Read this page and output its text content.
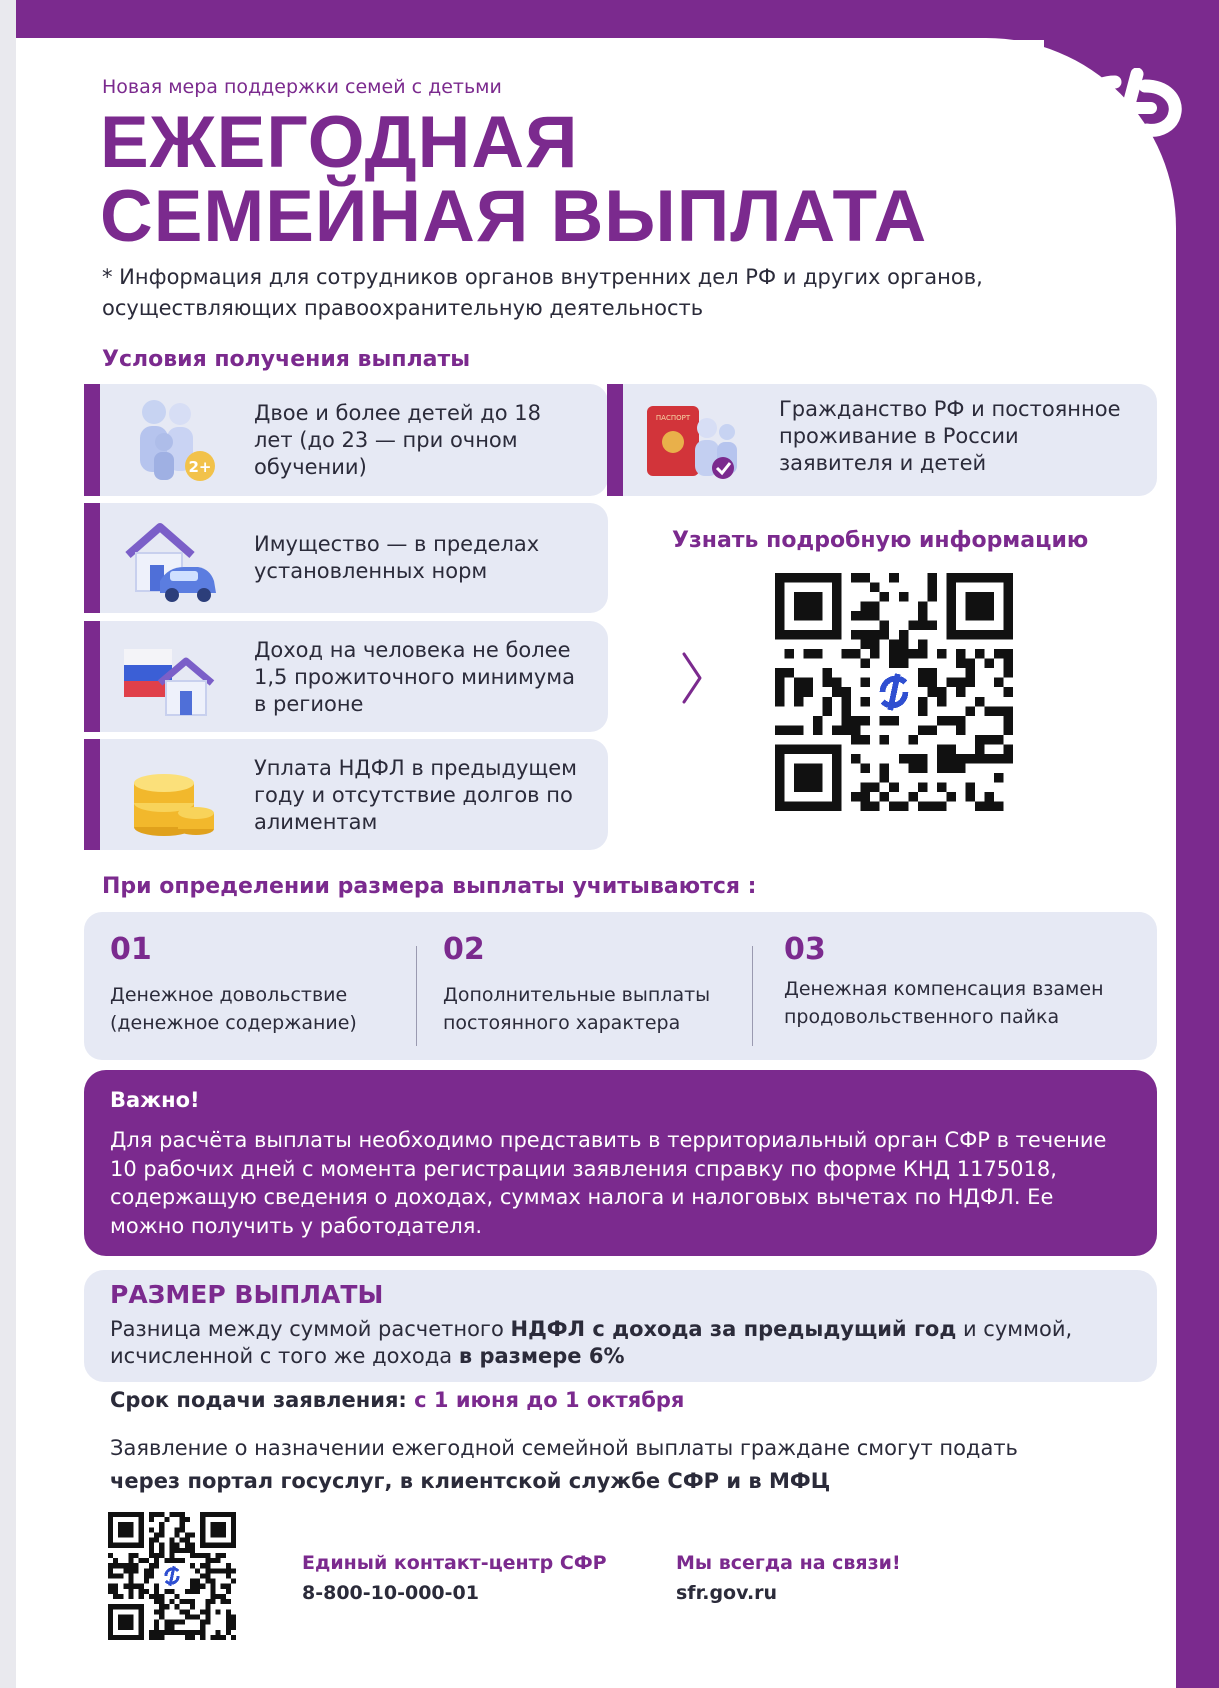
Новая мера поддержки семей с детьми
ЕЖЕГОДНАЯ
СЕМЕЙНАЯ ВЫПЛАТА
* Информация для сотрудников органов внутренних дел РФ и других органов, осуществляющих правоохранительную деятельность
Условия получения выплаты
2+
Двое и более детей до 18 лет (до 23 — при очном обучении)
ПАСПОРТ	Гражданство РФ и постоянное проживание в России заявителя и детей
Имущество — в пределах установленных норм
Доход на человека не более 1,5 прожиточного минимума в регионе
Уплата НДФЛ в предыдущем году и отсутствие долгов по алиментам
Узнать подробную информацию
При определении размера выплаты учитываются :
01
Денежное довольствие (денежное содержание)
02
Дополнительные выплаты постоянного характера
03
Денежная компенсация взамен продовольственного пайка
Важно!
Для расчёта выплаты необходимо представить в территориальный орган СФР в течение 10 рабочих дней с момента регистрации заявления справку по форме КНД 1175018, содержащую сведения о доходах, суммах налога и налоговых вычетах по НДФЛ. Ее можно получить у работодателя.
РАЗМЕР ВЫПЛАТЫ
Разница между суммой расчетного НДФЛ с дохода за предыдущий год и суммой, исчисленной с того же дохода в размере 6%
Срок подачи заявления: с 1 июня до 1 октября
Заявление о назначении ежегодной семейной выплаты граждане смогут подать
через портал госуслуг, в клиентской службе СФР и в МФЦ
Единый контакт-центр СФР
8-800-10-000-01
Мы всегда на связи!
sfr.gov.ru
